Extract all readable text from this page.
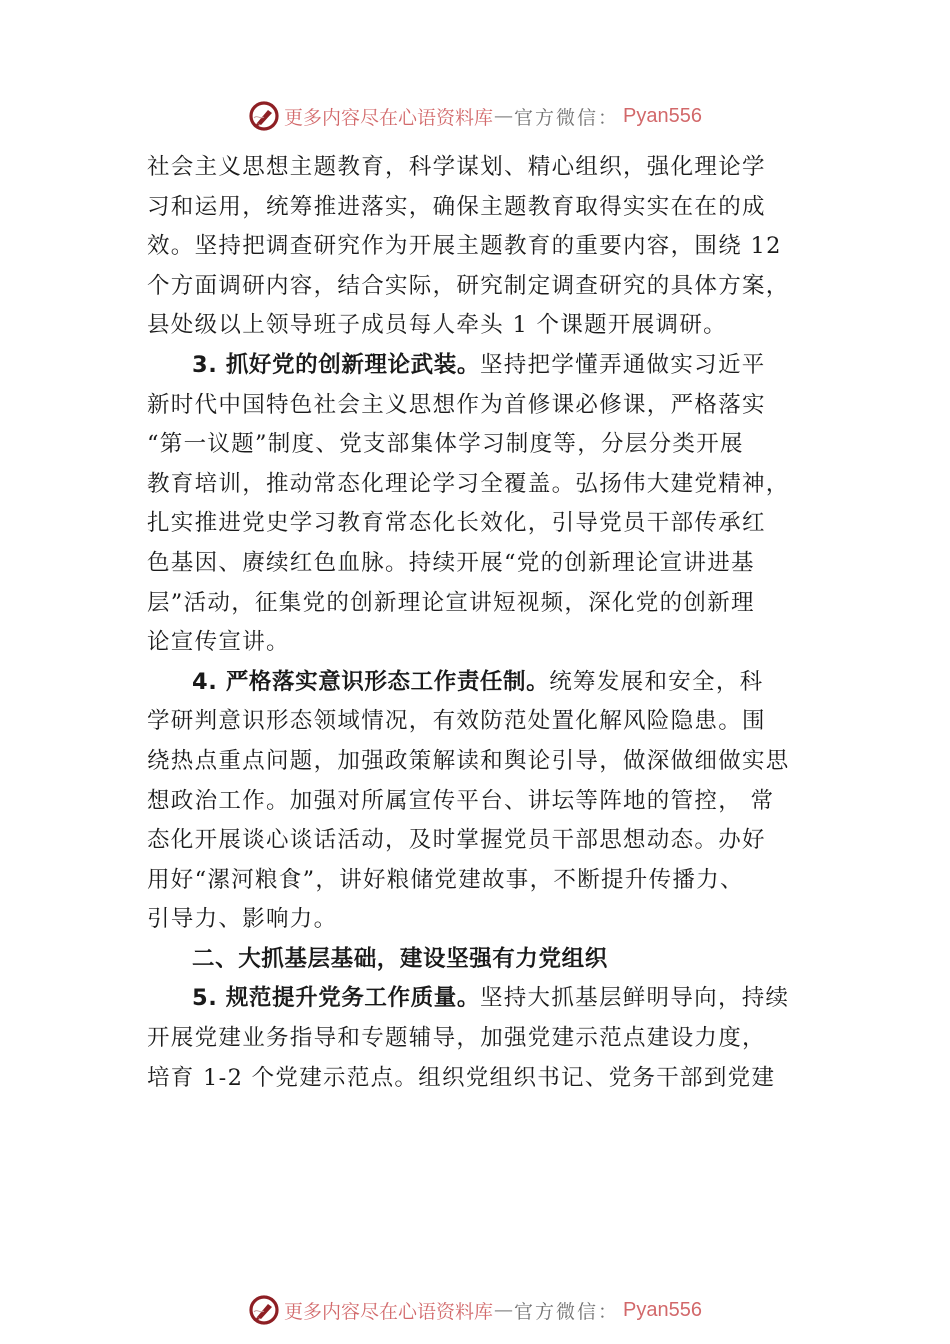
更多内容尽在心语资料库 — 官方微信： Pyan556
社会主义思想主题教育，科学谋划、精心组织，强化理论学
习和运用，统筹推进落实，确保主题教育取得实实在在的成
效。坚持把调查研究作为开展主题教育的重要内容，围绕 12
个方面调研内容，结合实际，研究制定调查研究的具体方案，
县处级以上领导班子成员每人牵头 1 个课题开展调研。
3. 抓好党的创新理论武装。坚持把学懂弄通做实习近平
新时代中国特色社会主义思想作为首修课必修课，严格落实
“第一议题”制度、党支部集体学习制度等，分层分类开展
教育培训，推动常态化理论学习全覆盖。弘扬伟大建党精神，
扎实推进党史学习教育常态化长效化，引导党员干部传承红
色基因、赓续红色血脉。持续开展“党的创新理论宣讲进基
层”活动，征集党的创新理论宣讲短视频，深化党的创新理
论宣传宣讲。
4. 严格落实意识形态工作责任制。统筹发展和安全，科
学研判意识形态领域情况，有效防范处置化解风险隐患。围
绕热点重点问题，加强政策解读和舆论引导，做深做细做实思
想政治工作。加强对所属宣传平台、讲坛等阵地的管控， 常
态化开展谈心谈话活动，及时掌握党员干部思想动态。办好
用好“漯河粮食”，讲好粮储党建故事，不断提升传播力、
引导力、影响力。
二、大抓基层基础，建设坚强有力党组织
5. 规范提升党务工作质量。坚持大抓基层鲜明导向，持续
开展党建业务指导和专题辅导，加强党建示范点建设力度，
培育 1-2 个党建示范点。组织党组织书记、党务干部到党建
更多内容尽在心语资料库 — 官方微信： Pyan556
